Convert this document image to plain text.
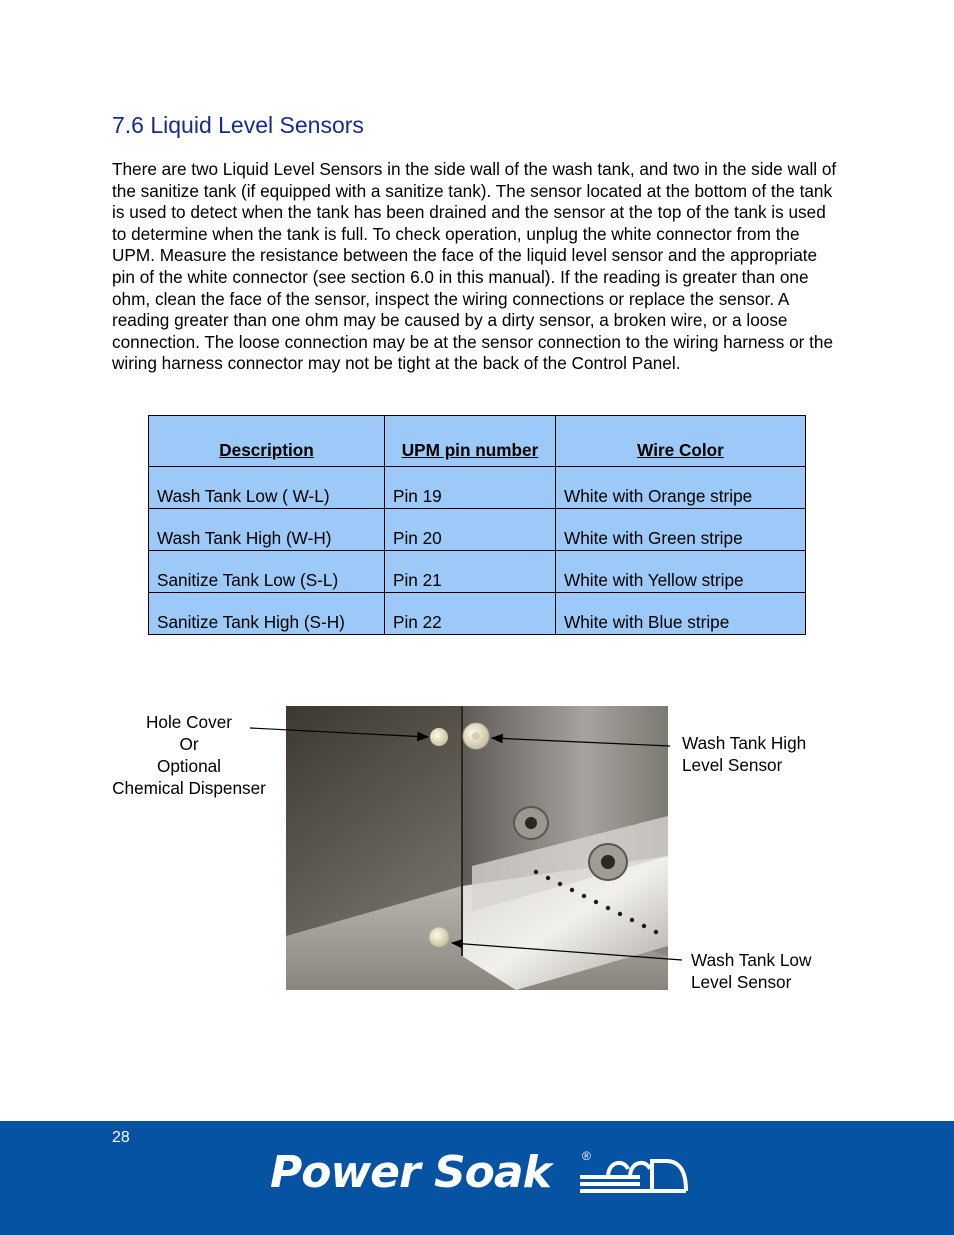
7.6 Liquid Level Sensors

There are two Liquid Level Sensors in the side wall of the wash tank, and two in the side wall of the sanitize tank (if equipped with a sanitize tank). The sensor located at the bottom of the tank is used to detect when the tank has been drained and the sensor at the top of the tank is used to determine when the tank is full. To check operation, unplug the white connector from the UPM. Measure the resistance between the face of the liquid level sensor and the appropriate pin of the white connector (see section 6.0 in this manual). If the reading is greater than one ohm, clean the face of the sensor, inspect the wiring connections or replace the sensor. A reading greater than one ohm may be caused by a dirty sensor, a broken wire, or a loose connection. The loose connection may be at the sensor connection to the wiring harness or the wiring harness connector may not be tight at the back of the Control Panel.

Description	UPM pin number	Wire Color
Wash Tank Low ( W-L)	Pin 19	White with Orange stripe
Wash Tank High (W-H)	Pin 20	White with Green stripe
Sanitize Tank Low (S-L)	Pin 21	White with Yellow stripe
Sanitize Tank High (S-H)	Pin 22	White with Blue stripe
Hole Cover
Or
Optional
Chemical Dispenser
Wash Tank High
Level Sensor
Wash Tank Low
Level Sensor
28
Power Soak	®
